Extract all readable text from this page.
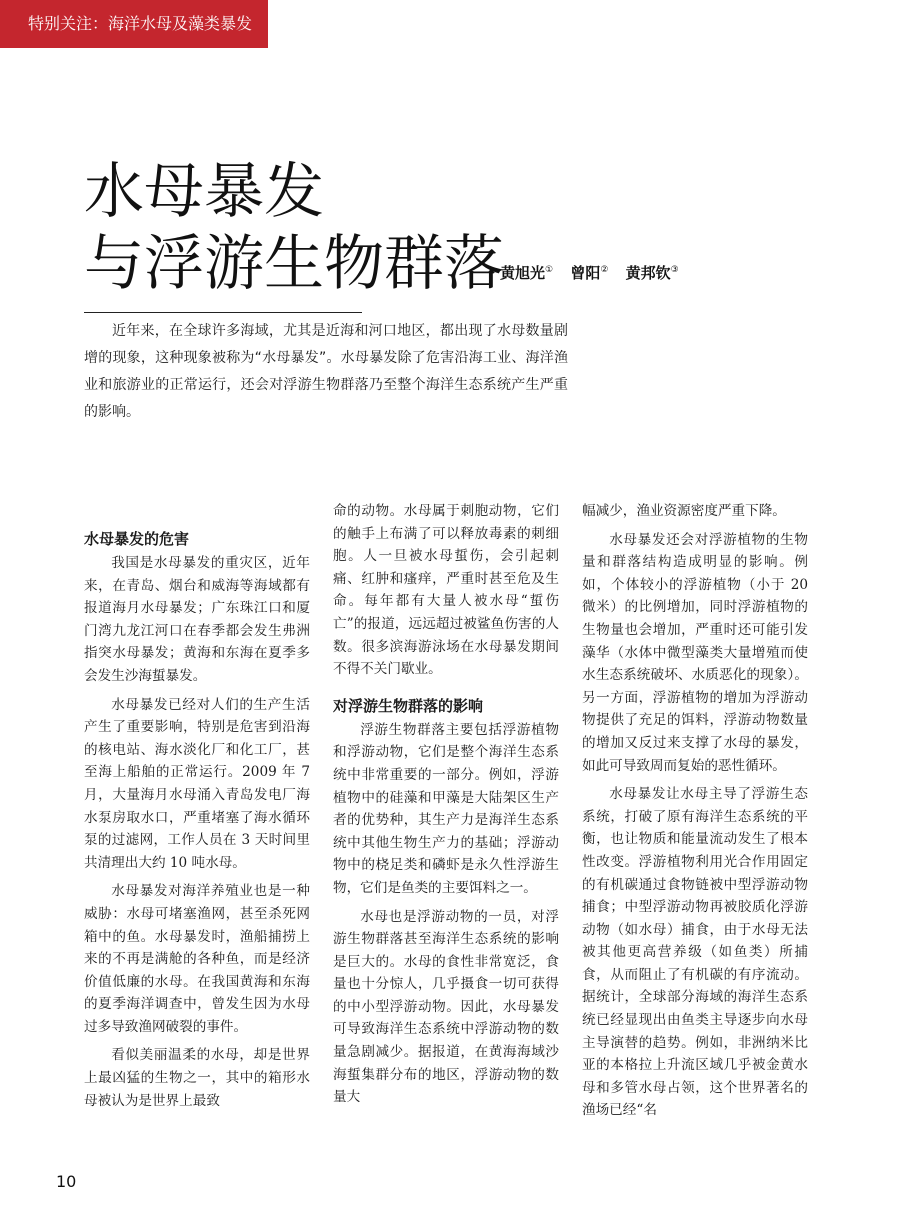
特别关注：海洋水母及藻类暴发
水母暴发
与浮游生物群落
黄旭光① 曾阳② 黄邦钦③

近年来，在全球许多海域，尤其是近海和河口地区，都出现了水母数量剧增的现象，这种现象被称为“水母暴发”。水母暴发除了危害沿海工业、海洋渔业和旅游业的正常运行，还会对浮游生物群落乃至整个海洋生态系统产生严重的影响。

水母暴发的危害

我国是水母暴发的重灾区，近年来，在青岛、烟台和威海等海域都有报道海月水母暴发；广东珠江口和厦门湾九龙江河口在春季都会发生弗洲指突水母暴发；黄海和东海在夏季多会发生沙海蜇暴发。

水母暴发已经对人们的生产生活产生了重要影响，特别是危害到沿海的核电站、海水淡化厂和化工厂，甚至海上船舶的正常运行。2009 年 7 月，大量海月水母涌入青岛发电厂海水泵房取水口，严重堵塞了海水循环泵的过滤网，工作人员在 3 天时间里共清理出大约 10 吨水母。

水母暴发对海洋养殖业也是一种威胁：水母可堵塞渔网，甚至杀死网箱中的鱼。水母暴发时，渔船捕捞上来的不再是满舱的各种鱼，而是经济价值低廉的水母。在我国黄海和东海的夏季海洋调查中，曾发生因为水母过多导致渔网破裂的事件。

看似美丽温柔的水母，却是世界上最凶猛的生物之一，其中的箱形水母被认为是世界上最致

命的动物。水母属于刺胞动物，它们的触手上布满了可以释放毒素的刺细胞。人一旦被水母蜇伤，会引起刺痛、红肿和瘙痒，严重时甚至危及生命。每年都有大量人被水母“蜇伤亡”的报道，远远超过被鲨鱼伤害的人数。很多滨海游泳场在水母暴发期间不得不关门歇业。

对浮游生物群落的影响

浮游生物群落主要包括浮游植物和浮游动物，它们是整个海洋生态系统中非常重要的一部分。例如，浮游植物中的硅藻和甲藻是大陆架区生产者的优势种，其生产力是海洋生态系统中其他生物生产力的基础；浮游动物中的桡足类和磷虾是永久性浮游生物，它们是鱼类的主要饵料之一。

水母也是浮游动物的一员，对浮游生物群落甚至海洋生态系统的影响是巨大的。水母的食性非常宽泛，食量也十分惊人，几乎摄食一切可获得的中小型浮游动物。因此，水母暴发可导致海洋生态系统中浮游动物的数量急剧减少。据报道，在黄海海域沙海蜇集群分布的地区，浮游动物的数量大

幅减少，渔业资源密度严重下降。

水母暴发还会对浮游植物的生物量和群落结构造成明显的影响。例如，个体较小的浮游植物（小于 20 微米）的比例增加，同时浮游植物的生物量也会增加，严重时还可能引发藻华（水体中微型藻类大量增殖而使水生态系统破坏、水质恶化的现象）。另一方面，浮游植物的增加为浮游动物提供了充足的饵料，浮游动物数量的增加又反过来支撑了水母的暴发，如此可导致周而复始的恶性循环。

水母暴发让水母主导了浮游生态系统，打破了原有海洋生态系统的平衡，也让物质和能量流动发生了根本性改变。浮游植物利用光合作用固定的有机碳通过食物链被中型浮游动物捕食；中型浮游动物再被胶质化浮游动物（如水母）捕食，由于水母无法被其他更高营养级（如鱼类）所捕食，从而阻止了有机碳的有序流动。据统计，全球部分海域的海洋生态系统已经显现出由鱼类主导逐步向水母主导演替的趋势。例如，非洲纳米比亚的本格拉上升流区域几乎被金黄水母和多管水母占领，这个世界著名的渔场已经“名

10
